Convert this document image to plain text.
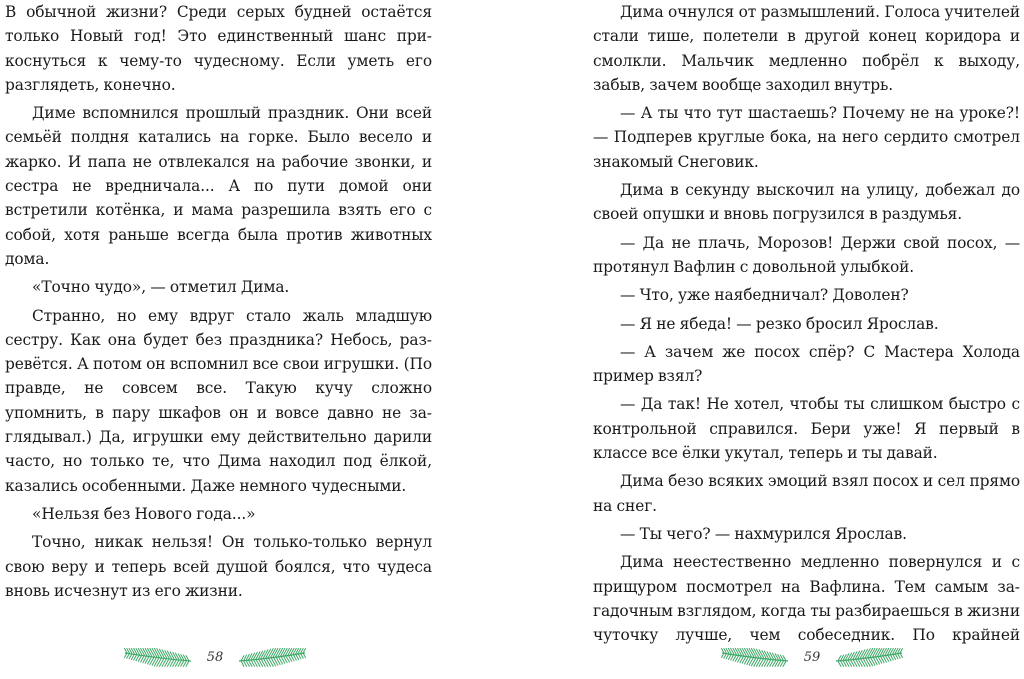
В обычной жизни? Среди серых будней остаётся только Новый год! Это единственный шанс прикоснуться к чему-то чудесному. Если уметь его разглядеть, конечно.

Диме вспомнился прошлый праздник. Они всей семьёй полдня катались на горке. Было весело и жарко. И папа не отвлекался на рабочие звонки, и сестра не вредничала... А по пути домой они встретили котёнка, и мама разрешила взять его с собой, хотя раньше всегда была против животных дома.

«Точно чудо», — отметил Дима.

Странно, но ему вдруг стало жаль младшую сестру. Как она будет без праздника? Небось, разревётся. А потом он вспомнил все свои игрушки. (По правде, не совсем все. Такую кучу сложно упомнить, в пару шкафов он и вовсе давно не заглядывал.) Да, игрушки ему действительно дарили часто, но только те, что Дима находил под ёлкой, казались особенными. Даже немного чудесными.

«Нельзя без Нового года...»

Точно, никак нельзя! Он только-только вернул свою веру и теперь всей душой боялся, что чудеса вновь исчезнут из его жизни.

Дима очнулся от размышлений. Голоса учителей стали тише, полетели в другой конец коридора и смолкли. Мальчик медленно побрёл к выходу, забыв, зачем вообще заходил внутрь.

— А ты что тут шастаешь? Почему не на уроке?! — Подперев круглые бока, на него сердито смотрел знакомый Снеговик.

Дима в секунду выскочил на улицу, добежал до своей опушки и вновь погрузился в раздумья.

— Да не плачь, Морозов! Держи свой посох, — протянул Вафлин с довольной улыбкой.

— Что, уже наябедничал? Доволен?

— Я не ябеда! — резко бросил Ярослав.

— А зачем же посох спёр? С Мастера Холода пример взял?

— Да так! Не хотел, чтобы ты слишком быстро с контрольной справился. Бери уже! Я первый в классе все ёлки укутал, теперь и ты давай.

Дима безо всяких эмоций взял посох и сел прямо на снег.

— Ты чего? — нахмурился Ярослав.

Дима неестественно медленно повернулся и с прищуром посмотрел на Вафлина. Тем самым загадочным взглядом, когда ты разбираешься в жизни чуточку лучше, чем собеседник. По крайней

58	59
